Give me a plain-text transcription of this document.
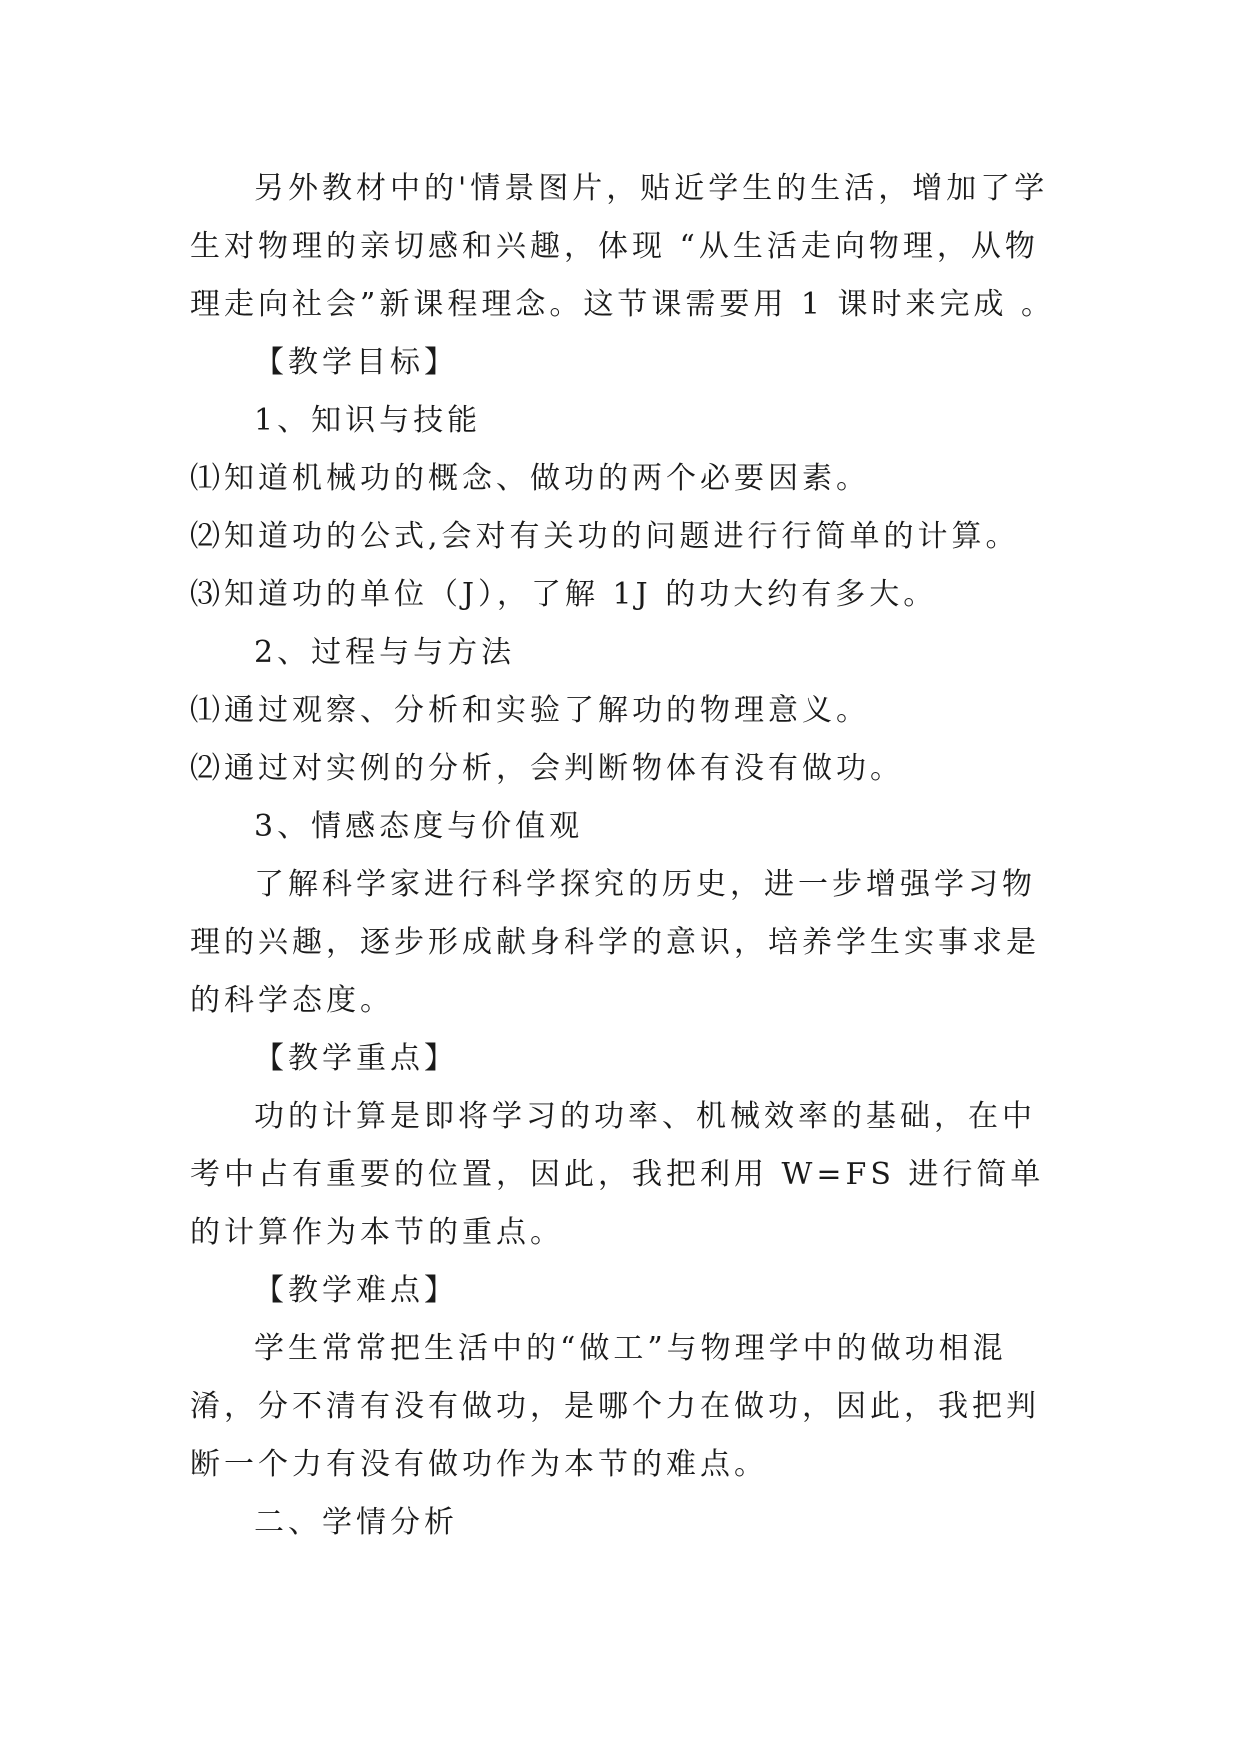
另外教材中的'情景图片，贴近学生的生活，增加了学生对物理的亲切感和兴趣，体现 “从生活走向物理，从物理走向社会”新课程理念。这节课需要用 1 课时来完成 。

【教学目标】

1、知识与技能

⑴知道机械功的概念、做功的两个必要因素。

⑵知道功的公式,会对有关功的问题进行行简单的计算。

⑶知道功的单位（J），了解 1J 的功大约有多大。

2、过程与与方法

⑴通过观察、分析和实验了解功的物理意义。

⑵通过对实例的分析，会判断物体有没有做功。

3、情感态度与价值观

了解科学家进行科学探究的历史，进一步增强学习物理的兴趣，逐步形成献身科学的意识，培养学生实事求是的科学态度。

【教学重点】

功的计算是即将学习的功率、机械效率的基础，在中考中占有重要的位置，因此，我把利用 W=FS 进行简单的计算作为本节的重点。

【教学难点】

学生常常把生活中的“做工”与物理学中的做功相混淆，分不清有没有做功，是哪个力在做功，因此，我把判断一个力有没有做功作为本节的难点。

二、学情分析
